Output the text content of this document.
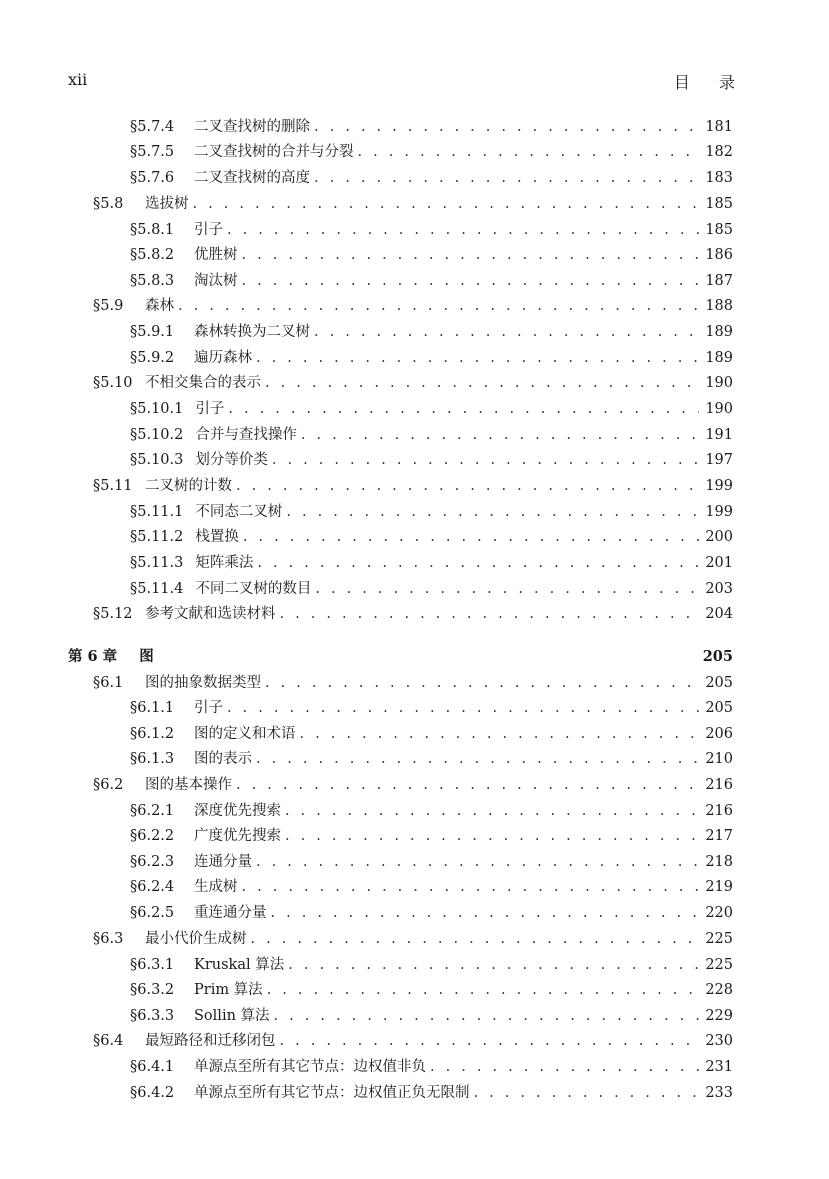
xii	目 录
§5.7.4	二叉查找树的删除 . . .	181
§5.7.5	二叉查找树的合并与分裂 . . .	182
§5.7.6	二叉查找树的高度 . . .	183
§5.8	选拔树 . . .	185
§5.8.1	引子 . . .	185
§5.8.2	优胜树 . . .	186
§5.8.3	淘汰树 . . .	187
§5.9	森林 . . .	188
§5.9.1	森林转换为二叉树 . . .	189
§5.9.2	遍历森林 . . .	189
§5.10 不相交集合的表示 . . .	190
§5.10.1 引子 . . .	190
§5.10.2 合并与查找操作 . . .	191
§5.10.3 划分等价类 . . .	197
§5.11 二叉树的计数 . . .	199
§5.11.1 不同态二叉树 . . .	199
§5.11.2 栈置换 . . .	200
§5.11.3 矩阵乘法 . . .	201
§5.11.4 不同二叉树的数目 . . .	203
§5.12 参考文献和选读材料 . . .	204
第 6 章 图	205
§6.1	图的抽象数据类型 . . .	205
§6.1.1	引子 . . .	205
§6.1.2	图的定义和术语 . . .	206
§6.1.3	图的表示 . . .	210
§6.2	图的基本操作 . . .	216
§6.2.1	深度优先搜索 . . .	216
§6.2.2	广度优先搜索 . . .	217
§6.2.3	连通分量 . . .	218
§6.2.4	生成树 . . .	219
§6.2.5	重连通分量 . . .	220
§6.3	最小代价生成树 . . .	225
§6.3.1	Kruskal 算法 . . .	225
§6.3.2	Prim 算法 . . .	228
§6.3.3	Sollin 算法 . . .	229
§6.4	最短路径和迁移闭包 . . .	230
§6.4.1	单源点至所有其它节点：边权值非负 . . .	231
§6.4.2	单源点至所有其它节点：边权值正负无限制 . . .	233
